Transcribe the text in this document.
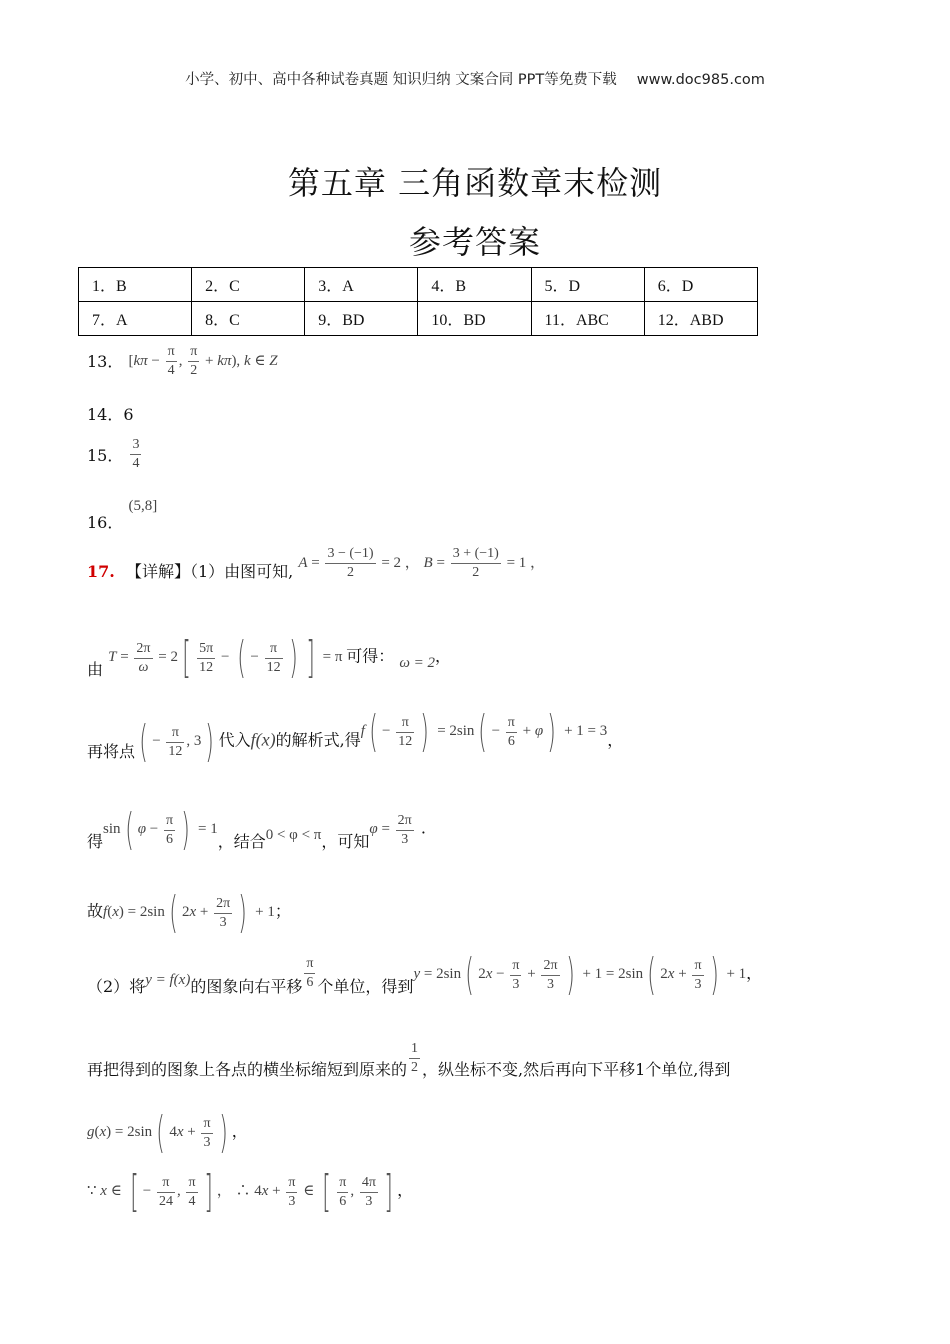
小学、初中、高中各种试卷真题 知识归纳 文案合同 PPT等免费下载 www.doc985.com
第五章 三角函数章末检测
参考答案
1．B	2．C	3．A	4．B	5．D	6．D
7．A	8．C	9．BD	10．BD	11．ABC	12．ABD
13． [$k\pi - \frac{\pi}{4}$ , $\frac{\pi}{2} + k\pi$), k ∈ Z
14．6
15． $\frac{3}{4}$
16． (5,8]
17. 【详解】（1）由图可知, $A = \frac{3 - (-1)}{2} = 2$ ， $B = \frac{3 + (-1)}{2} = 1$ ，
由 $T = \frac{2\pi}{\omega} = 2[ \frac{5\pi}{12}$ − ( − $\frac{\pi}{12}$ ) ] = π 可得： ω = 2，
再将点( − $\frac{\pi}{12}$ , 3) 代入f(x)的解析式,得$f( - \frac{\pi}{12}$ ) = $2\sin( - \frac{\pi}{6} + \varphi) + 1 = 3$，
得sin( $\varphi - \frac{\pi}{6}$ ) = 1，结合0 < φ < π，可知$\varphi = \frac{2\pi}{3}$ .
故f(x) = 2sin( $2x + \frac{2\pi}{3}$ ) + 1；
（2）将y = f(x)的图象向右平移 $\frac{\pi}{6}$ 个单位，得到y = 2sin( $2x - \frac{\pi}{3} + \frac{2\pi}{3}$ ) + 1 = 2sin( $2x + \frac{\pi}{3}$ ) + 1，
再把得到的图象上各点的横坐标缩短到原来的 $\frac{1}{2}$ ，纵坐标不变,然后再向下平移1个单位,得到
g(x) = 2sin( $4x + \frac{\pi}{3}$ ) ，
∵ x ∈ [ − $\frac{\pi}{24}$ , $\frac{\pi}{4}$ ] ， ∴ $4x + \frac{\pi}{3}$ ∈ [ $\frac{\pi}{6}$ , $\frac{4\pi}{3}$ ] ，
